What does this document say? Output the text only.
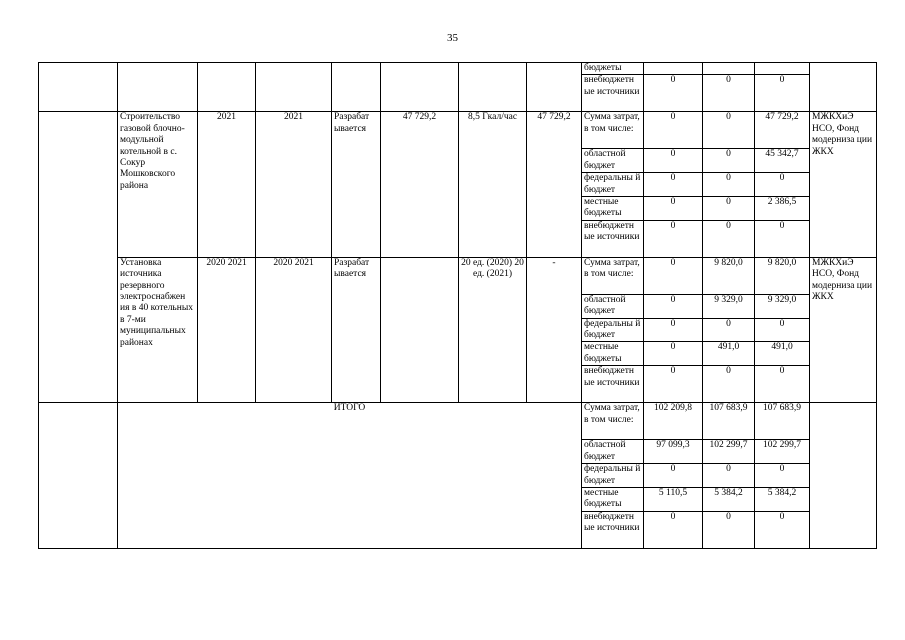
35
								бюджеты				
								внебюджетн ые источники	0	0	0	
	Строительство газовой блочно-модульной котельной в с. Сокур Мошковского района	2021	2021	Разрабат ывается	47 729,2	8,5 Гкал/час	47 729,2	Сумма затрат, в том числе:	0	0	47 729,2	МЖКХиЭ НСО, Фонд модерниза ции ЖКХ
								областной бюджет	0	0	45 342,7	
								федеральны й бюджет	0	0	0	
								местные бюджеты	0	0	2 386,5	
								внебюджетн ые источники	0	0	0	
	Установка источника резервного электроснабжен ия в 40 котельных в 7-ми муниципальных районах	2020 2021	2020 2021	Разрабат ывается		20 ед. (2020) 20 ед. (2021)	-	Сумма затрат, в том числе:	0	9 820,0	9 820,0	МЖКХиЭ НСО, Фонд модерниза ции ЖКХ
								областной бюджет	0	9 329,0	9 329,0	
								федеральны й бюджет	0	0	0	
								местные бюджеты	0	491,0	491,0	
								внебюджетн ые источники	0	0	0	
	ИТОГО							Сумма затрат, в том числе:	102 209,8	107 683,9	107 683,9	
								областной бюджет	97 099,3	102 299,7	102 299,7	
								федеральны й бюджет	0	0	0	
								местные бюджеты	5 110,5	5 384,2	5 384,2	
								внебюджетн ые источники	0	0	0	
